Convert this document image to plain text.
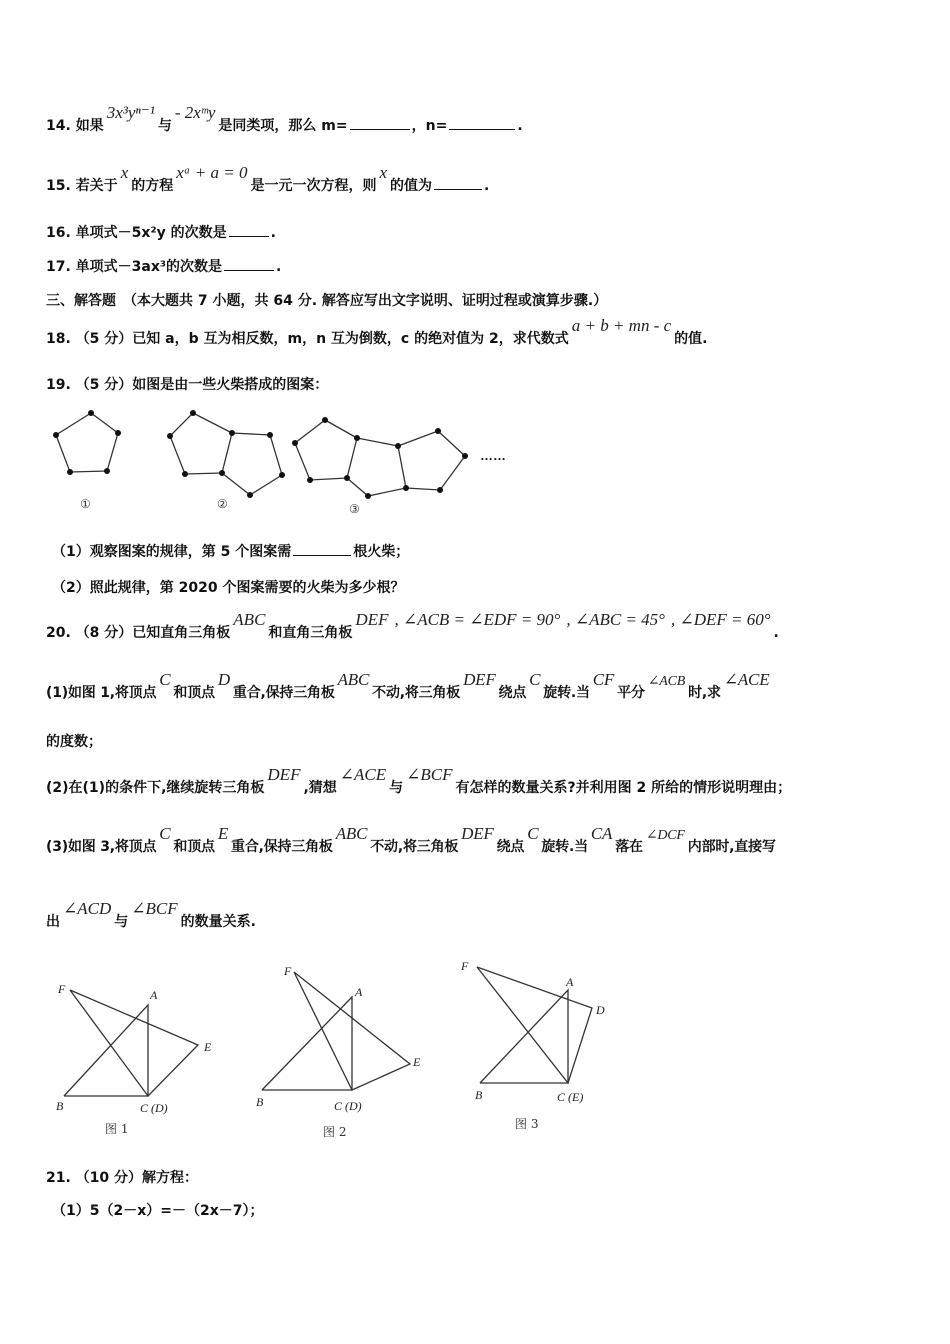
14. 如果3x³yⁿ⁻¹与- 2xᵐy是同类项，那么 m=	，n=	.
15. 若关于x的方程xᵃ + a = 0是一元一次方程，则x的值为	.
16. 单项式－5x²y 的次数是	.
17. 单项式－3ax³的次数是	.
三、解答题　（本大题共 7 小题，共 64 分. 解答应写出文字说明、证明过程或演算步骤.）
18. （5 分）已知 a，b 互为相反数，m，n 互为倒数，c 的绝对值为 2，求代数式a + b + mn - c的值.
19. （5 分）如图是由一些火柴搭成的图案：
……
①	②	③
（1）观察图案的规律，第 5 个图案需	根火柴；
（2）照此规律，第 2020 个图案需要的火柴为多少根？
20. （8 分）已知直角三角板ABC和直角三角板DEF , ∠ACB = ∠EDF = 90° , ∠ABC = 45° , ∠DEF = 60°.
(1)如图 1,将顶点C和顶点D重合,保持三角板ABC不动,将三角板DEF绕点C旋转.当CF平分∠ACB时,求∠ACE
的度数；
(2)在(1)的条件下,继续旋转三角板DEF,猜想∠ACE与∠BCF有怎样的数量关系?并利用图 2 所给的情形说明理由；
(3)如图 3,将顶点C和顶点E重合,保持三角板ABC不动,将三角板DEF绕点C旋转.当CA落在∠DCF内部时,直接写
出∠ACD与∠BCF的数量关系.
F	A
E
B	C (D)
图 1
F
A
E
B	C (D)
图 2
F
A
D
B	C (E)
图 3
21. （10 分）解方程：
（1）5（2－x）=－（2x－7）；
